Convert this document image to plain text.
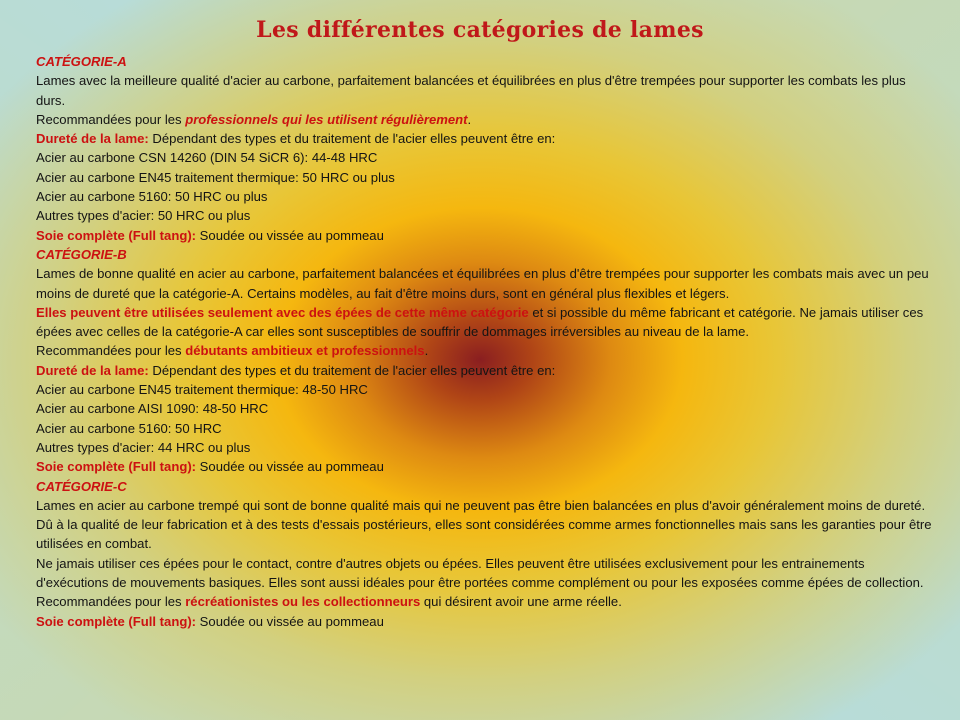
Les différentes catégories de lames

CATÉGORIE-A

Lames avec la meilleure qualité d'acier au carbone, parfaitement balancées et équilibrées en plus d'être trempées pour supporter les combats les plus durs.

Recommandées pour les professionnels qui les utilisent régulièrement.

Dureté de la lame: Dépendant des types et du traitement de l'acier elles peuvent être en:

Acier au carbone CSN 14260 (DIN 54 SiCR 6): 44-48 HRC

Acier au carbone EN45 traitement thermique: 50 HRC ou plus

Acier au carbone 5160: 50 HRC ou plus

Autres types d'acier: 50 HRC ou plus

Soie complète (Full tang): Soudée ou vissée au pommeau

CATÉGORIE-B

Lames de bonne qualité en acier au carbone, parfaitement balancées et équilibrées en plus d'être trempées pour supporter les combats mais avec un peu moins de dureté que la catégorie-A. Certains modèles, au fait d'être moins durs, sont en général plus flexibles et légers.

Elles peuvent être utilisées seulement avec des épées de cette même catégorie et si possible du même fabricant et catégorie. Ne jamais utiliser ces épées avec celles de la catégorie-A car elles sont susceptibles de souffrir de dommages irréversibles au niveau de la lame.

Recommandées pour les débutants ambitieux et professionnels.

Dureté de la lame: Dépendant des types et du traitement de l'acier elles peuvent être en:

Acier au carbone EN45 traitement thermique: 48-50 HRC

Acier au carbone AISI 1090: 48-50 HRC

Acier au carbone 5160: 50 HRC

Autres types d'acier: 44 HRC ou plus

Soie complète (Full tang): Soudée ou vissée au pommeau

CATÉGORIE-C

Lames en acier au carbone trempé qui sont de bonne qualité mais qui ne peuvent pas être bien balancées en plus d'avoir généralement moins de dureté. Dû à la qualité de leur fabrication et à des tests d'essais postérieurs, elles sont considérées comme armes fonctionnelles mais sans les garanties pour être utilisées en combat.

Ne jamais utiliser ces épées pour le contact, contre d'autres objets ou épées. Elles peuvent être utilisées exclusivement pour les entrainements d'exécutions de mouvements basiques. Elles sont aussi idéales pour être portées comme complément ou pour les exposées comme épées de collection.

Recommandées pour les récréationistes ou les collectionneurs qui désirent avoir une arme réelle.

Soie complète (Full tang): Soudée ou vissée au pommeau
